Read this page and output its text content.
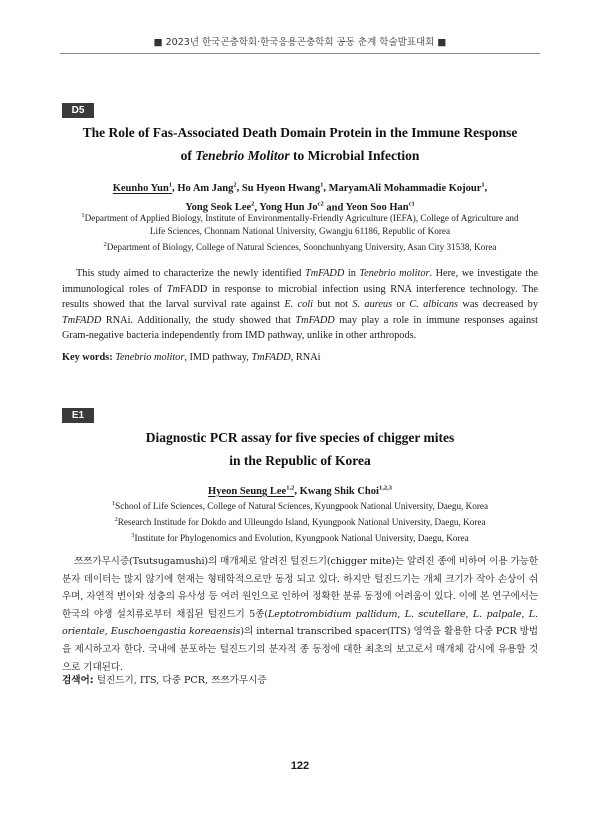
■ 2023년 한국곤충학회·한국응용곤충학회 공동 춘계 학술발표대회 ■
D5
The Role of Fas-Associated Death Domain Protein in the Immune Response
of Tenebrio Molitor to Microbial Infection
Keunho Yun$^1$, Ho Am Jang$^2$, Su Hyeon Hwang$^1$, MaryamAli Mohammadie Kojour$^1$,
Yong Seok Lee$^2$, Yong Hun $Jo^{c2}$ and Yeon Soo Han$^{c1}$
$^1$Department of Applied Biology, Institute of Environmentally-Friendly Agriculture (IEFA), College of Agriculture and
Life Sciences, Chonnam National University, Gwangju 61186, Republic of Korea
$^2$Department of Biology, College of Natural Sciences, Soonchunhyang University, Asan City 31538, Korea
This study aimed to characterize the newly identified TmFADD in Tenebrio molitor. Here, we investigate the immunological roles of TmFADD in response to microbial infection using RNA interference technology. The results showed that the larval survival rate against E. coli but not S. aureus or C. albicans was decreased by TmFADD RNAi. Additionally, the study showed that TmFADD may play a role in immune responses against Gram-negative bacteria independently from IMD pathway, unlike in other arthropods.
Key words: Tenebrio molitor, IMD pathway, TmFADD, RNAi
E1
Diagnostic PCR assay for five species of chigger mites
in the Republic of Korea
Hyeon Seung Lee$^{1,2}$, Kwang Shik Choi$^{1,2,3}$
$^1$School of Life Sciences, College of Natural Sciences, Kyungpook National University, Daegu, Korea
$^2$Research Institude for Dokdo and Ulleungdo Island, Kyungpook National University, Daegu, Korea
$^3$Institute for Phylogenomics and Evolution, Kyungpook National University, Daegu, Korea
쯔쯔가무시증(Tsutsugamushi)의 매개체로 알려진 털진드기(chigger mite)는 알려진 종에 비하여 이용 가능한 분자 데이터는 많지 않기에 현재는 형태학적으로만 동정 되고 있다. 하지만 털진드기는 개체 크기가 작아 손상이 쉬우며, 자연적 변이와 성충의 유사성 등 여러 원인으로 인하여 정확한 분류 동정에 어려움이 있다. 이에 본 연구에서는 한국의 야생 설치류로부터 채집된 털진드기 5종(Leptotrombidium pallidum, L. scutellare, L. palpale, L. orientale, Euschoengastia koreaensis)의 internal transcribed spacer(ITS) 영역을 활용한 다중 PCR 방법을 제시하고자 한다. 국내에 분포하는 털진드기의 분자적 종 동정에 대한 최초의 보고로서 매개체 감시에 유용할 것으로 기대된다.
검색어: 털진드기, ITS, 다중 PCR, 쯔쯔가무시증
122
